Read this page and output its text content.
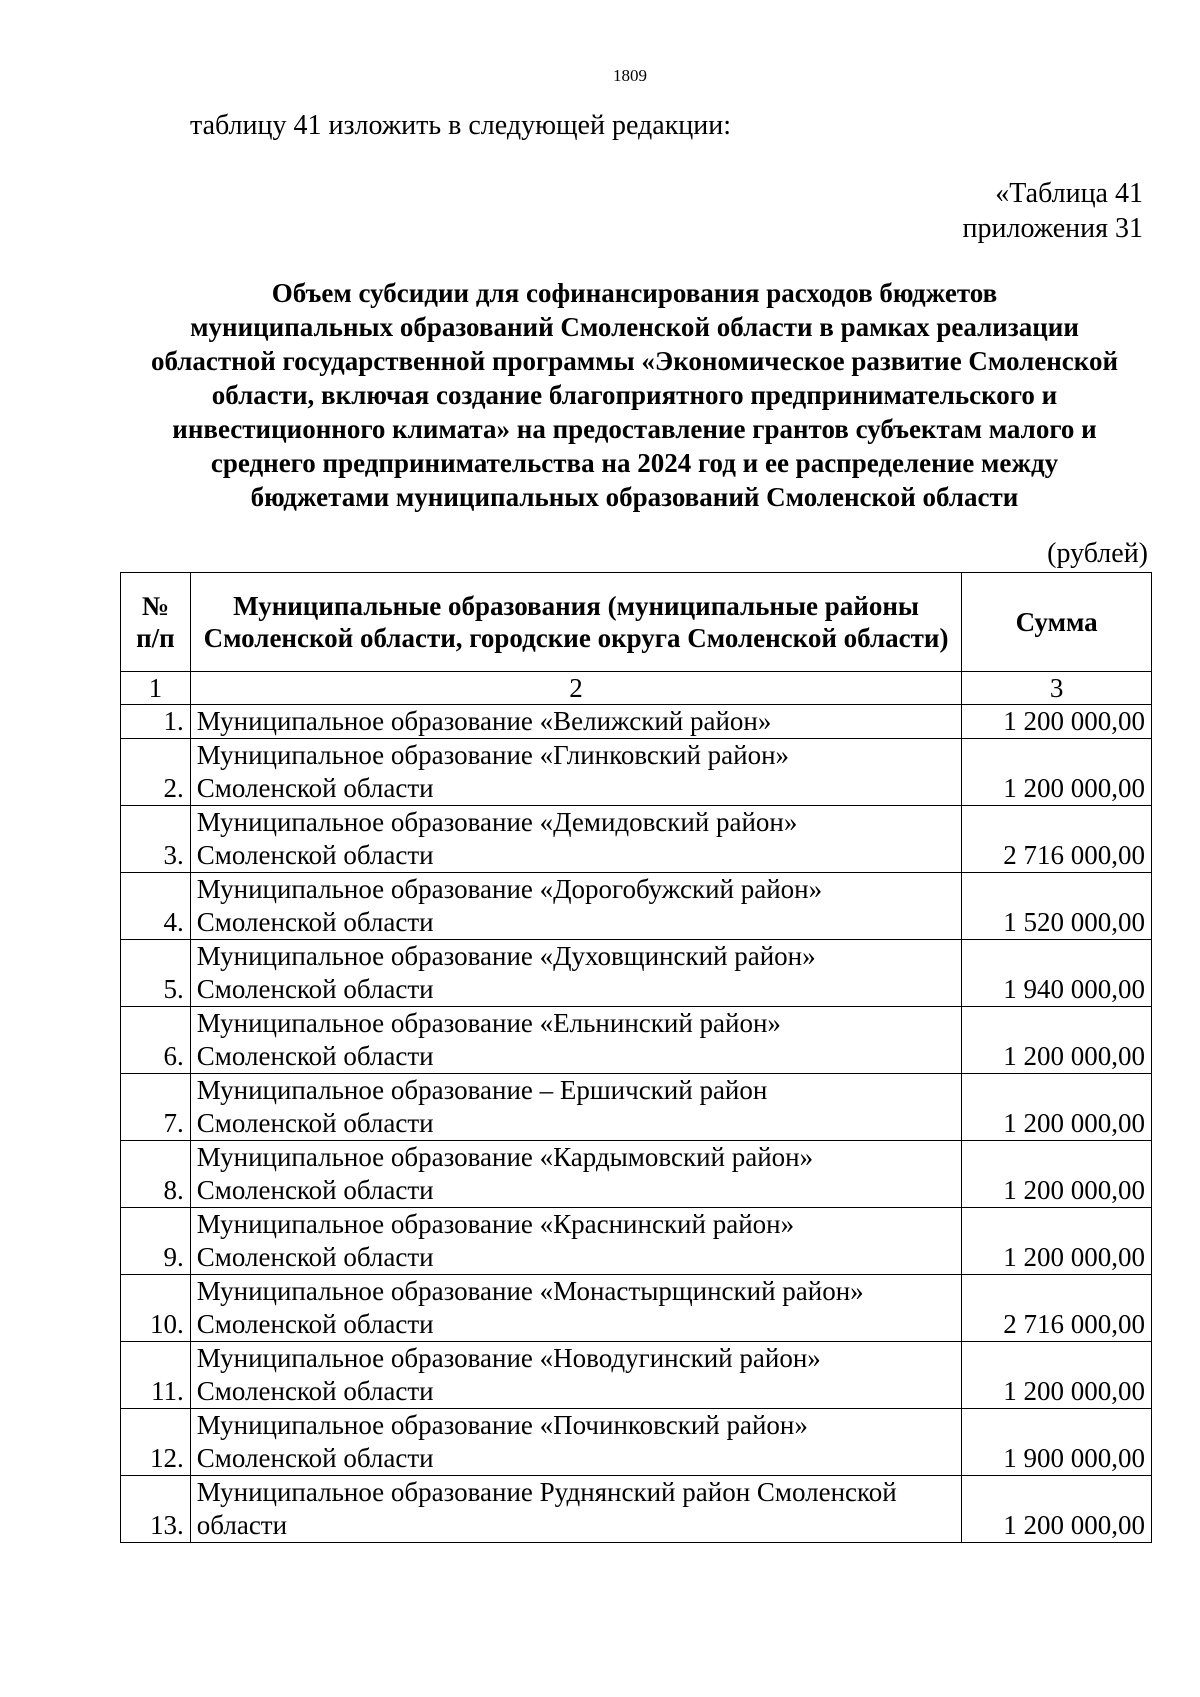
1809
таблицу 41 изложить в следующей редакции:
«Таблица 41
приложения 31
Объем субсидии для софинансирования расходов бюджетов
муниципальных образований Смоленской области в рамках реализации
областной государственной программы «Экономическое развитие Смоленской
области, включая создание благоприятного предпринимательского и
инвестиционного климата» на предоставление грантов субъектам малого и
среднего предпринимательства на 2024 год и ее распределение между
бюджетами муниципальных образований Смоленской области
(рублей)
№
п/п	Муниципальные образования (муниципальные районы Смоленской области, городские округа Смоленской области)	Сумма
1	2	3
1.	Муниципальное образование «Велижский район»	1 200 000,00
2.	Муниципальное образование «Глинковский район»
Смоленской области	1 200 000,00
3.	Муниципальное образование «Демидовский район»
Смоленской области	2 716 000,00
4.	Муниципальное образование «Дорогобужский район»
Смоленской области	1 520 000,00
5.	Муниципальное образование «Духовщинский район»
Смоленской области	1 940 000,00
6.	Муниципальное образование «Ельнинский район»
Смоленской области	1 200 000,00
7.	Муниципальное образование – Ершичский район
Смоленской области	1 200 000,00
8.	Муниципальное образование «Кардымовский район»
Смоленской области	1 200 000,00
9.	Муниципальное образование «Краснинский район»
Смоленской области	1 200 000,00
10.	Муниципальное образование «Монастырщинский район»
Смоленской области	2 716 000,00
11.	Муниципальное образование «Новодугинский район»
Смоленской области	1 200 000,00
12.	Муниципальное образование «Починковский район»
Смоленской области	1 900 000,00
13.	Муниципальное образование Руднянский район Смоленской
области	1 200 000,00
